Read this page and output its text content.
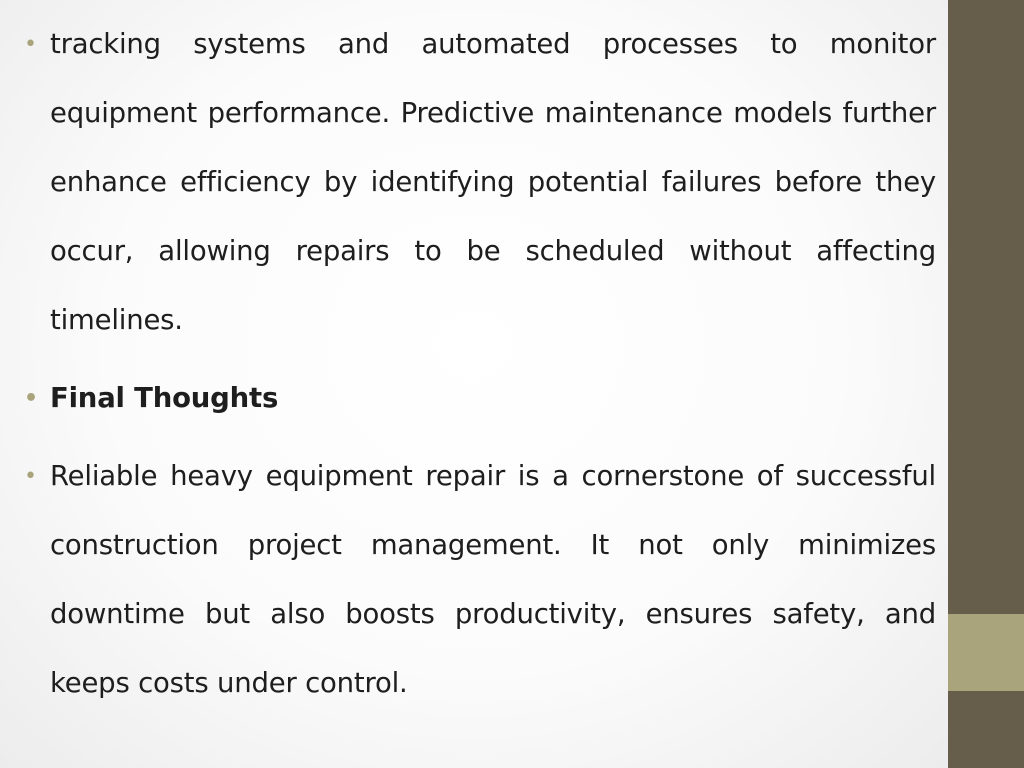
• tracking systems and automated processes to monitor equipment performance. Predictive maintenance models further enhance efficiency by identifying potential failures before they occur, allowing repairs to be scheduled without affecting timelines.

• Final Thoughts

• Reliable heavy equipment repair is a cornerstone of successful construction project management. It not only minimizes downtime but also boosts productivity, ensures safety, and keeps costs under control.
